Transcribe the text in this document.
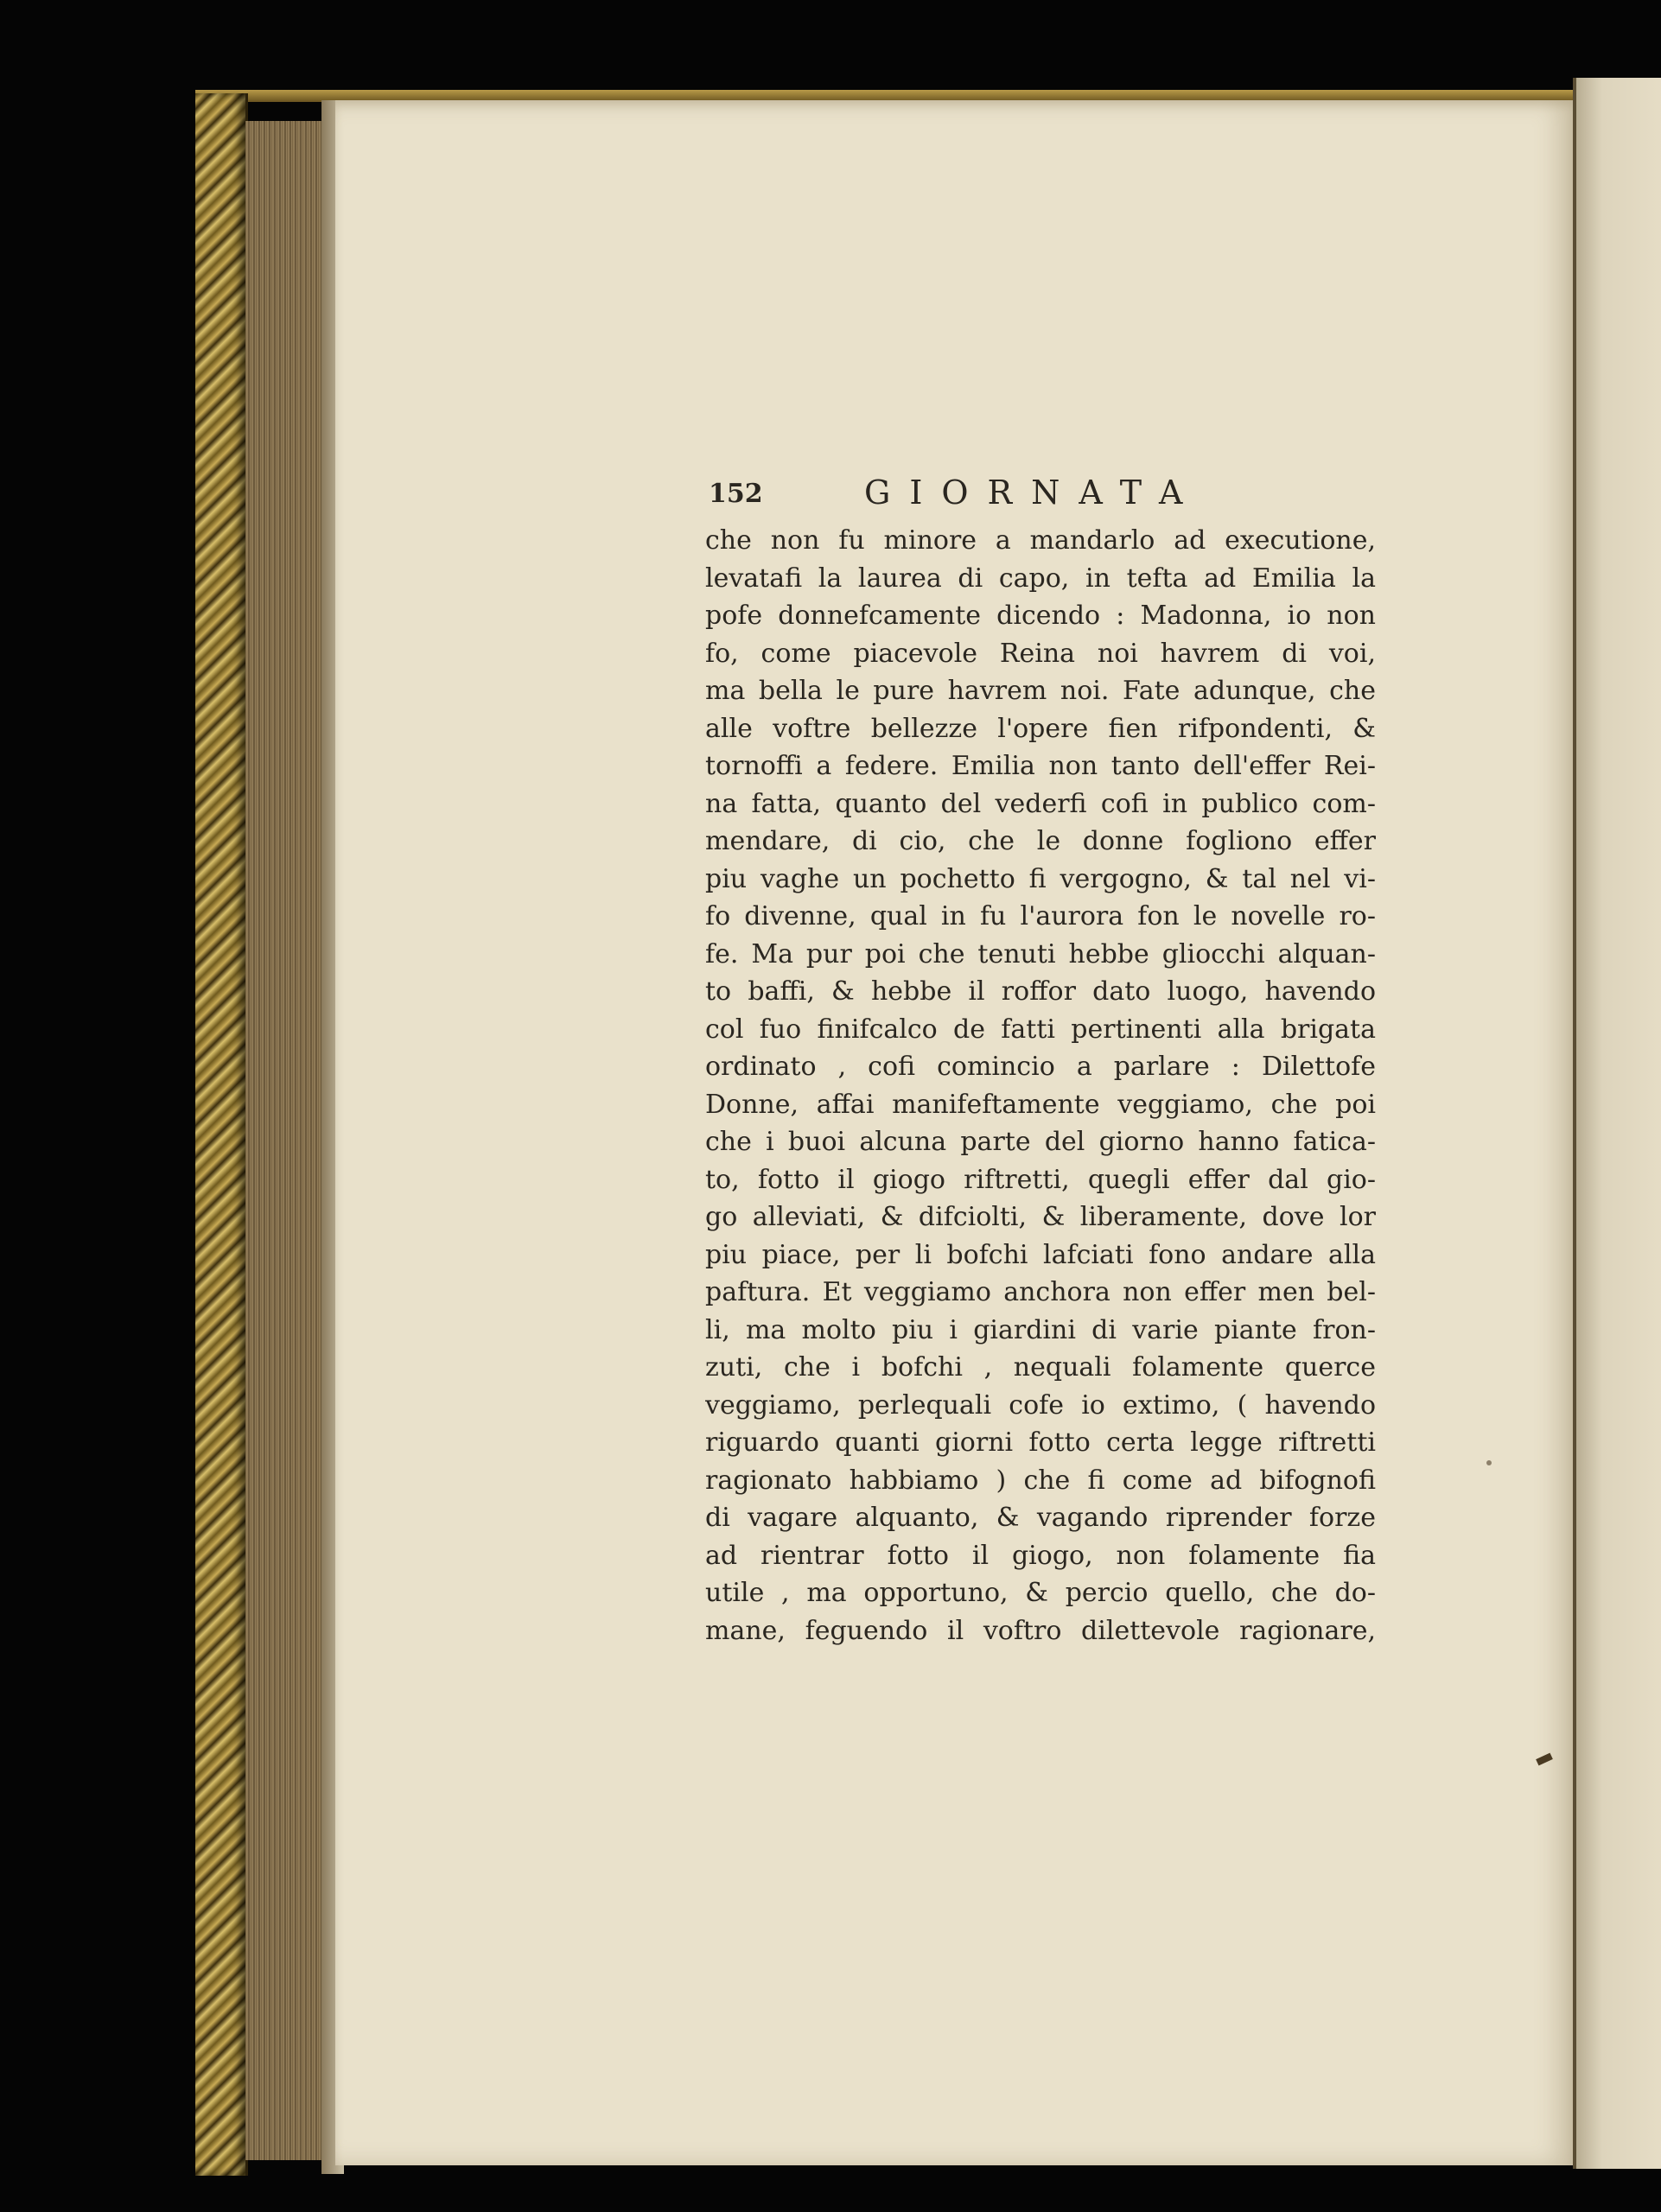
152	GIORNATA
che non fu minore a mandarlo ad executione,
levatafi la laurea di capo, in tefta ad Emilia la
pofe donnefcamente dicendo : Madonna, io non
fo, come piacevole Reina noi havrem di voi,
ma bella le pure havrem noi. Fate adunque, che
alle voftre bellezze l'opere fien rifpondenti, &
tornoffi a federe. Emilia non tanto dell'effer Rei-
na fatta, quanto del vederfi cofi in publico com-
mendare, di cio, che le donne fogliono effer
piu vaghe un pochetto fi vergogno, & tal nel vi-
fo divenne, qual in fu l'aurora fon le novelle ro-
fe. Ma pur poi che tenuti hebbe gliocchi alquan-
to baffi, & hebbe il roffor dato luogo, havendo
col fuo finifcalco de fatti pertinenti alla brigata
ordinato , cofi comincio a parlare : Dilettofe
Donne, affai manifeftamente veggiamo, che poi
che i buoi alcuna parte del giorno hanno fatica-
to, fotto il giogo riftretti, quegli effer dal gio-
go alleviati, & difciolti, & liberamente, dove lor
piu piace, per li bofchi lafciati fono andare alla
paftura. Et veggiamo anchora non effer men bel-
li, ma molto piu i giardini di varie piante fron-
zuti, che i bofchi , nequali folamente querce
veggiamo, perlequali cofe io extimo, ( havendo
riguardo quanti giorni fotto certa legge riftretti
ragionato habbiamo ) che fi come ad bifognofi
di vagare alquanto, & vagando riprender forze
ad rientrar fotto il giogo, non folamente fia
utile , ma opportuno, & percio quello, che do-
mane, feguendo il voftro dilettevole ragionare,
